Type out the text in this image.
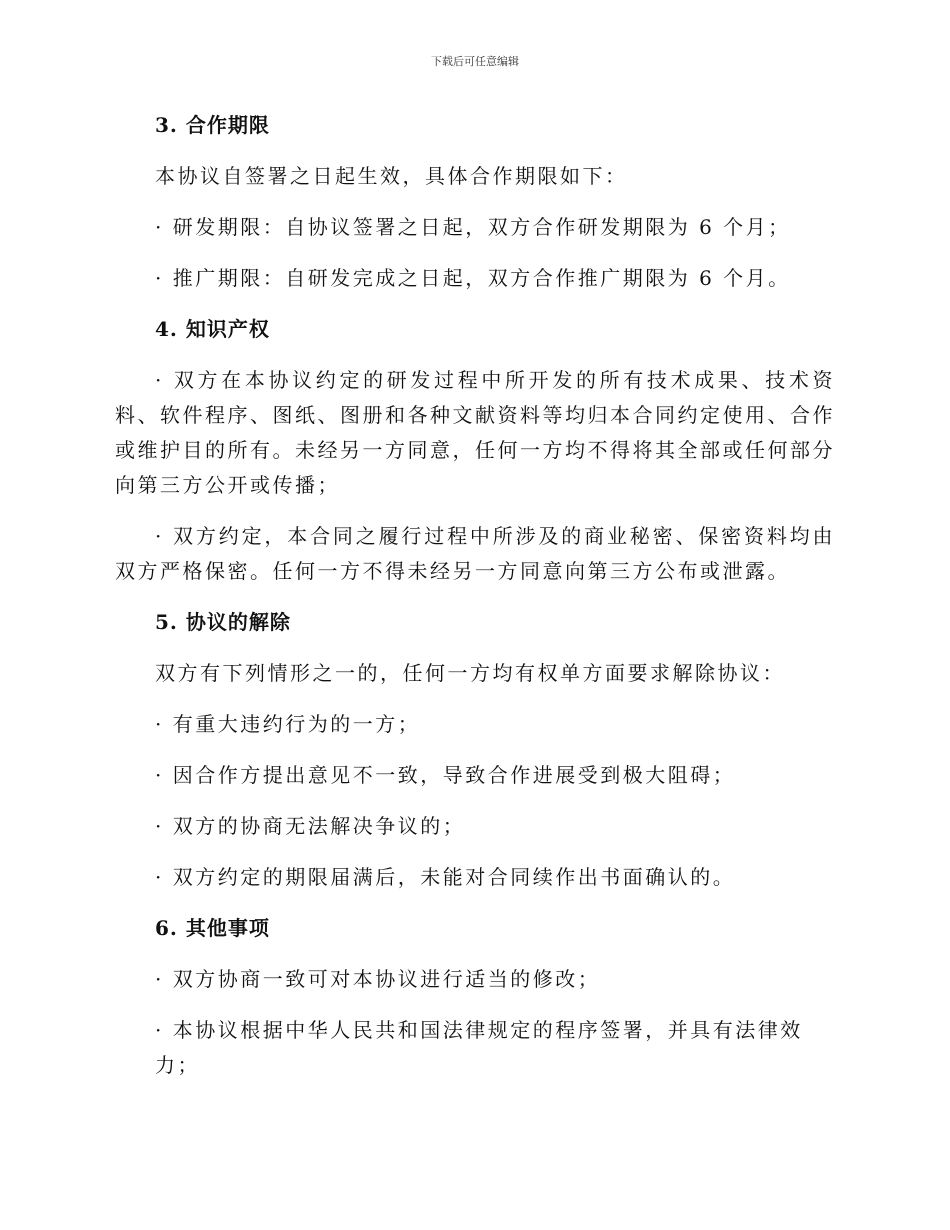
下载后可任意编辑
3. 合作期限
本协议自签署之日起生效，具体合作期限如下：
· 研发期限：自协议签署之日起，双方合作研发期限为 6 个月；
· 推广期限：自研发完成之日起，双方合作推广期限为 6 个月。
4. 知识产权
· 双方在本协议约定的研发过程中所开发的所有技术成果、技术资料、软件程序、图纸、图册和各种文献资料等均归本合同约定使用、合作或维护目的所有。未经另一方同意，任何一方均不得将其全部或任何部分向第三方公开或传播；
· 双方约定，本合同之履行过程中所涉及的商业秘密、保密资料均由双方严格保密。任何一方不得未经另一方同意向第三方公布或泄露。
5. 协议的解除
双方有下列情形之一的，任何一方均有权单方面要求解除协议：
· 有重大违约行为的一方；
· 因合作方提出意见不一致，导致合作进展受到极大阻碍；
· 双方的协商无法解决争议的；
· 双方约定的期限届满后，未能对合同续作出书面确认的。
6. 其他事项
· 双方协商一致可对本协议进行适当的修改；
· 本协议根据中华人民共和国法律规定的程序签署，并具有法律效力；
